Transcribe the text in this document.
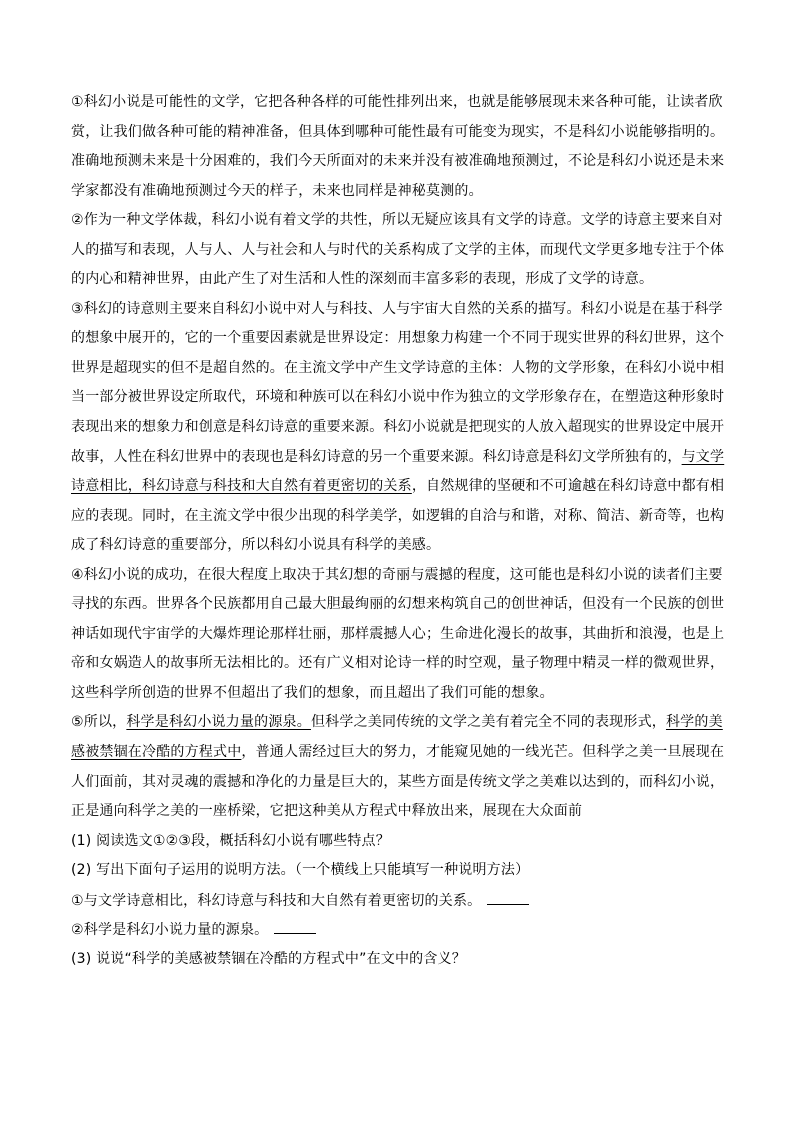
①科幻小说是可能性的文学，它把各种各样的可能性排列出来，也就是能够展现未来各种可能，让读者欣
赏，让我们做各种可能的精神准备，但具体到哪种可能性最有可能变为现实，不是科幻小说能够指明的。
准确地预测未来是十分困难的，我们今天所面对的未来并没有被准确地预测过，不论是科幻小说还是未来
学家都没有准确地预测过今天的样子，未来也同样是神秘莫测的。
②作为一种文学体裁，科幻小说有着文学的共性，所以无疑应该具有文学的诗意。文学的诗意主要来自对
人的描写和表现，人与人、人与社会和人与时代的关系构成了文学的主体，而现代文学更多地专注于个体
的内心和精神世界，由此产生了对生活和人性的深刻而丰富多彩的表现，形成了文学的诗意。
③科幻的诗意则主要来自科幻小说中对人与科技、人与宇宙大自然的关系的描写。科幻小说是在基于科学
的想象中展开的，它的一个重要因素就是世界设定：用想象力构建一个不同于现实世界的科幻世界，这个
世界是超现实的但不是超自然的。在主流文学中产生文学诗意的主体：人物的文学形象，在科幻小说中相
当一部分被世界设定所取代，环境和种族可以在科幻小说中作为独立的文学形象存在，在塑造这种形象时
表现出来的想象力和创意是科幻诗意的重要来源。科幻小说就是把现实的人放入超现实的世界设定中展开
故事，人性在科幻世界中的表现也是科幻诗意的另一个重要来源。科幻诗意是科幻文学所独有的，与文学
诗意相比，科幻诗意与科技和大自然有着更密切的关系，自然规律的坚硬和不可逾越在科幻诗意中都有相
应的表现。同时，在主流文学中很少出现的科学美学，如逻辑的自洽与和谐，对称、简洁、新奇等，也构
成了科幻诗意的重要部分，所以科幻小说具有科学的美感。
④科幻小说的成功，在很大程度上取决于其幻想的奇丽与震撼的程度，这可能也是科幻小说的读者们主要
寻找的东西。世界各个民族都用自己最大胆最绚丽的幻想来构筑自己的创世神话，但没有一个民族的创世
神话如现代宇宙学的大爆炸理论那样壮丽，那样震撼人心；生命进化漫长的故事，其曲折和浪漫，也是上
帝和女娲造人的故事所无法相比的。还有广义相对论诗一样的时空观，量子物理中精灵一样的微观世界，
这些科学所创造的世界不但超出了我们的想象，而且超出了我们可能的想象。
⑤所以，科学是科幻小说力量的源泉。但科学之美同传统的文学之美有着完全不同的表现形式，科学的美
感被禁锢在冷酷的方程式中，普通人需经过巨大的努力，才能窥见她的一线光芒。但科学之美一旦展现在
人们面前，其对灵魂的震撼和净化的力量是巨大的，某些方面是传统文学之美难以达到的，而科幻小说，
正是通向科学之美的一座桥梁，它把这种美从方程式中释放出来，展现在大众面前
(1) 阅读选文①②③段，概括科幻小说有哪些特点？
(2) 写出下面句子运用的说明方法。（一个横线上只能填写一种说明方法）
①与文学诗意相比，科幻诗意与科技和大自然有着更密切的关系。
②科学是科幻小说力量的源泉。
(3) 说说“科学的美感被禁锢在冷酷的方程式中”在文中的含义？
